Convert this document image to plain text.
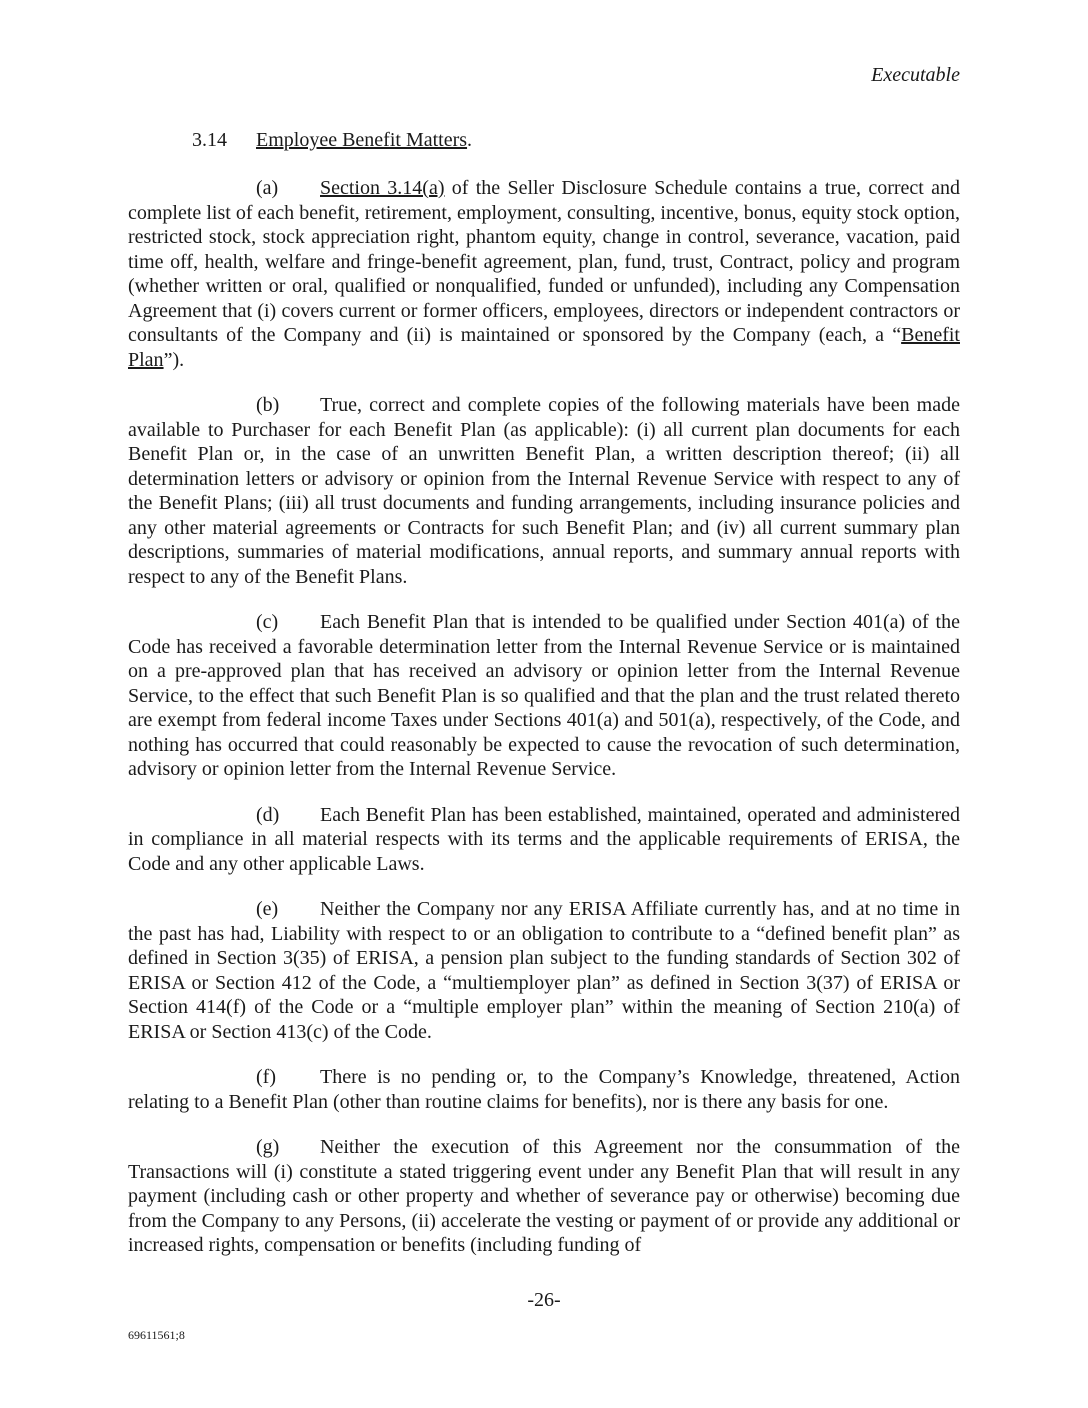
Executable
3.14 Employee Benefit Matters.

(a) Section 3.14(a) of the Seller Disclosure Schedule contains a true, correct and complete list of each benefit, retirement, employment, consulting, incentive, bonus, equity stock option, restricted stock, stock appreciation right, phantom equity, change in control, severance, vacation, paid time off, health, welfare and fringe-benefit agreement, plan, fund, trust, Contract, policy and program (whether written or oral, qualified or nonqualified, funded or unfunded), including any Compensation Agreement that (i) covers current or former officers, employees, directors or independent contractors or consultants of the Company and (ii) is maintained or sponsored by the Company (each, a “Benefit Plan”).

(b) True, correct and complete copies of the following materials have been made available to Purchaser for each Benefit Plan (as applicable): (i) all current plan documents for each Benefit Plan or, in the case of an unwritten Benefit Plan, a written description thereof; (ii) all determination letters or advisory or opinion from the Internal Revenue Service with respect to any of the Benefit Plans; (iii) all trust documents and funding arrangements, including insurance policies and any other material agreements or Contracts for such Benefit Plan; and (iv) all current summary plan descriptions, summaries of material modifications, annual reports, and summary annual reports with respect to any of the Benefit Plans.

(c) Each Benefit Plan that is intended to be qualified under Section 401(a) of the Code has received a favorable determination letter from the Internal Revenue Service or is maintained on a pre-approved plan that has received an advisory or opinion letter from the Internal Revenue Service, to the effect that such Benefit Plan is so qualified and that the plan and the trust related thereto are exempt from federal income Taxes under Sections 401(a) and 501(a), respectively, of the Code, and nothing has occurred that could reasonably be expected to cause the revocation of such determination, advisory or opinion letter from the Internal Revenue Service.

(d) Each Benefit Plan has been established, maintained, operated and administered in compliance in all material respects with its terms and the applicable requirements of ERISA, the Code and any other applicable Laws.

(e) Neither the Company nor any ERISA Affiliate currently has, and at no time in the past has had, Liability with respect to or an obligation to contribute to a “defined benefit plan” as defined in Section 3(35) of ERISA, a pension plan subject to the funding standards of Section 302 of ERISA or Section 412 of the Code, a “multiemployer plan” as defined in Section 3(37) of ERISA or Section 414(f) of the Code or a “multiple employer plan” within the meaning of Section 210(a) of ERISA or Section 413(c) of the Code.

(f) There is no pending or, to the Company’s Knowledge, threatened, Action relating to a Benefit Plan (other than routine claims for benefits), nor is there any basis for one.

(g) Neither the execution of this Agreement nor the consummation of the Transactions will (i) constitute a stated triggering event under any Benefit Plan that will result in any payment (including cash or other property and whether of severance pay or otherwise) becoming due from the Company to any Persons, (ii) accelerate the vesting or payment of or provide any additional or increased rights, compensation or benefits (including funding of

-26-
69611561;8
